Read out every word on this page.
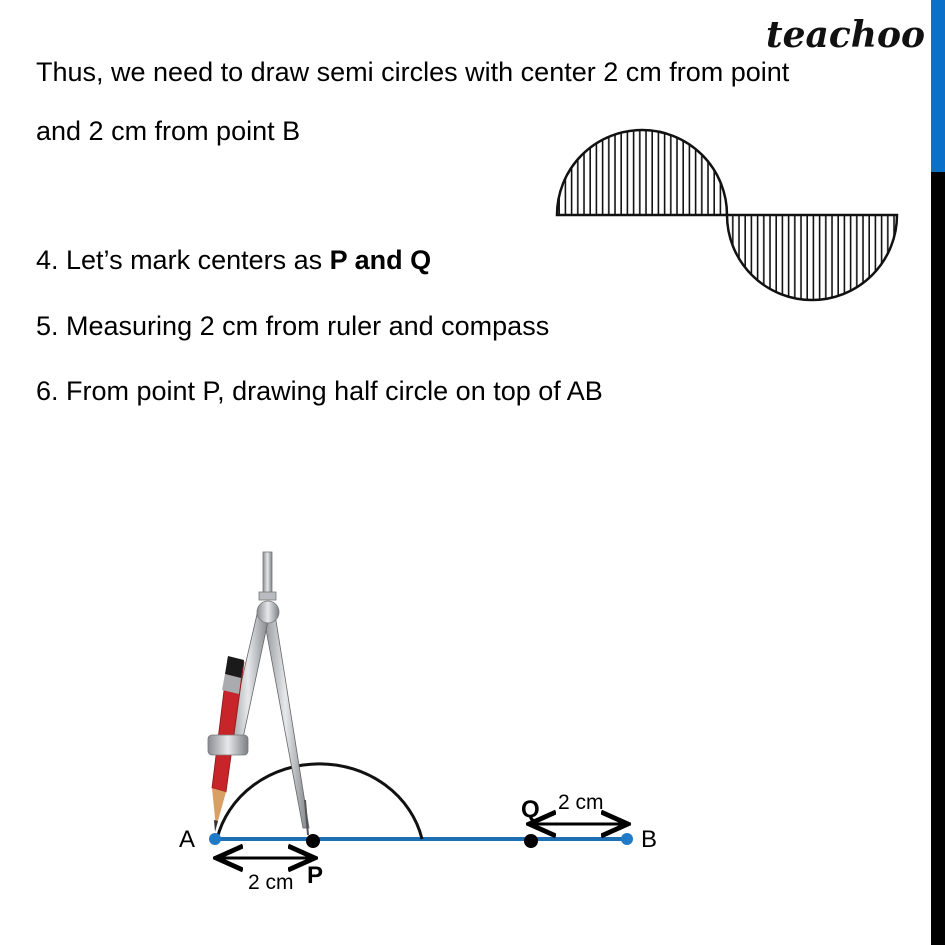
teachoo
Thus, we need to draw semi circles with center 2 cm from point
and 2 cm from point B
4. Let’s mark centers as P and Q
5. Measuring 2 cm from ruler and compass
6. From point P, drawing half circle on top of AB
A	B
P
Q
2 cm
2 cm
